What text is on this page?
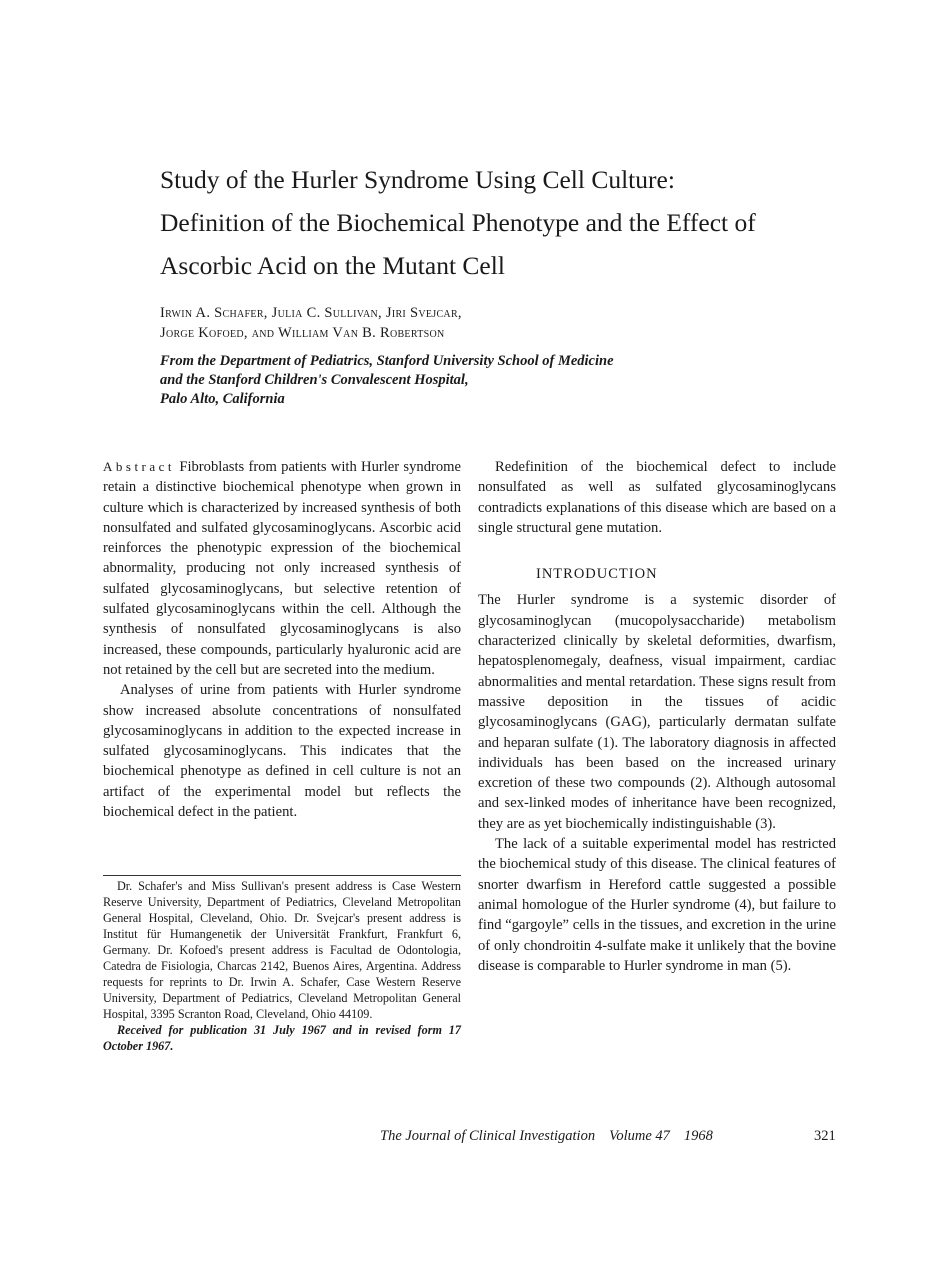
Study of the Hurler Syndrome Using Cell Culture:
Definition of the Biochemical Phenotype and the Effect of
Ascorbic Acid on the Mutant Cell
Irwin A. Schafer, Julia C. Sullivan, Jiri Svejcar,
Jorge Kofoed, and William Van B. Robertson
From the Department of Pediatrics, Stanford University School of Medicine
and the Stanford Children's Convalescent Hospital,
Palo Alto, California

Abstract Fibroblasts from patients with Hurler syndrome retain a distinctive biochemical phenotype when grown in culture which is characterized by increased synthesis of both nonsulfated and sulfated glycosaminoglycans. Ascorbic acid reinforces the phenotypic expression of the biochemical abnormality, producing not only increased synthesis of sulfated glycosaminoglycans, but selective retention of sulfated glycosaminoglycans within the cell. Although the synthesis of nonsulfated glycosaminoglycans is also increased, these compounds, particularly hyaluronic acid are not retained by the cell but are secreted into the medium.

Analyses of urine from patients with Hurler syndrome show increased absolute concentrations of nonsulfated glycosaminoglycans in addition to the expected increase in sulfated glycosaminoglycans. This indicates that the biochemical phenotype as defined in cell culture is not an artifact of the experimental model but reflects the biochemical defect in the patient.

Redefinition of the biochemical defect to include nonsulfated as well as sulfated glycosaminoglycans contradicts explanations of this disease which are based on a single structural gene mutation.

INTRODUCTION

The Hurler syndrome is a systemic disorder of glycosaminoglycan (mucopolysaccharide) metabolism characterized clinically by skeletal deformities, dwarfism, hepatosplenomegaly, deafness, visual impairment, cardiac abnormalities and mental retardation. These signs result from massive deposition in the tissues of acidic glycosaminoglycans (GAG), particularly dermatan sulfate and heparan sulfate (1). The laboratory diagnosis in affected individuals has been based on the increased urinary excretion of these two compounds (2). Although autosomal and sex-linked modes of inheritance have been recognized, they are as yet biochemically indistinguishable (3).

The lack of a suitable experimental model has restricted the biochemical study of this disease. The clinical features of snorter dwarfism in Hereford cattle suggested a possible animal homologue of the Hurler syndrome (4), but failure to find “gargoyle” cells in the tissues, and excretion in the urine of only chondroitin 4-sulfate make it unlikely that the bovine disease is comparable to Hurler syndrome in man (5).

Dr. Schafer's and Miss Sullivan's present address is Case Western Reserve University, Department of Pediatrics, Cleveland Metropolitan General Hospital, Cleveland, Ohio. Dr. Svejcar's present address is Institut für Humangenetik der Universität Frankfurt, Frankfurt 6, Germany. Dr. Kofoed's present address is Facultad de Odontologia, Catedra de Fisiologia, Charcas 2142, Buenos Aires, Argentina. Address requests for reprints to Dr. Irwin A. Schafer, Case Western Reserve University, Department of Pediatrics, Cleveland Metropolitan General Hospital, 3395 Scranton Road, Cleveland, Ohio 44109.

Received for publication 31 July 1967 and in revised form 17 October 1967.

The Journal of Clinical Investigation Volume 47 1968	321
